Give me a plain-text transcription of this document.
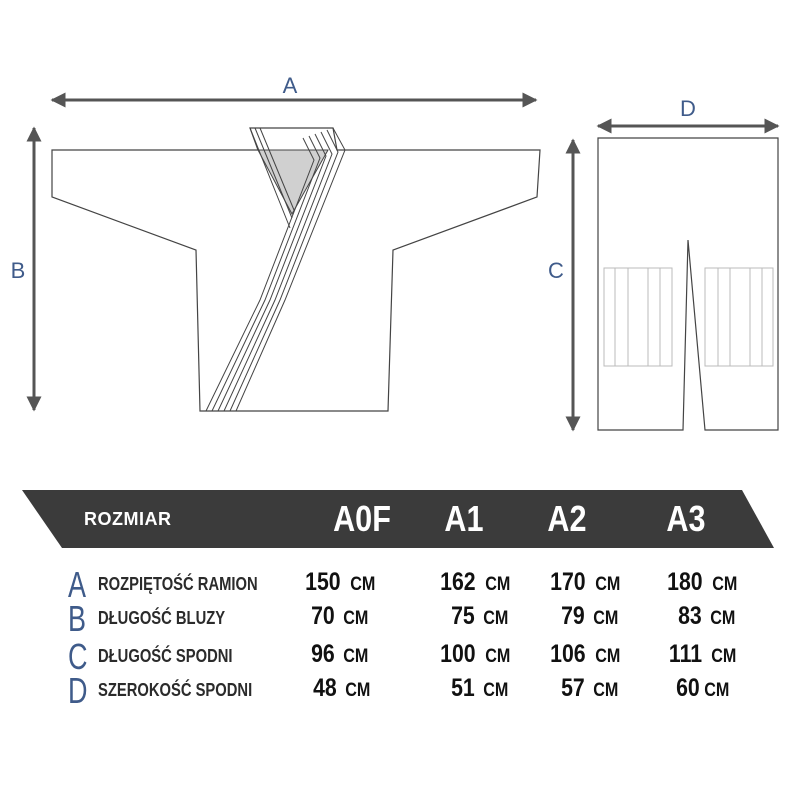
A
B	C
D
ROZMIAR	A0F	A1	A2	A3
A ROZPIĘTOŚĆ RAMION	150 CM	162 CM	170 CM	180 CM
B DŁUGOŚĆ BLUZY	70 CM	75 CM	79 CM	83 CM
C DŁUGOŚĆ SPODNI	96 CM	100 CM	106 CM	111 CM
D SZEROKOŚĆ SPODNI	48 CM	51 CM	57 CM	60 CM
